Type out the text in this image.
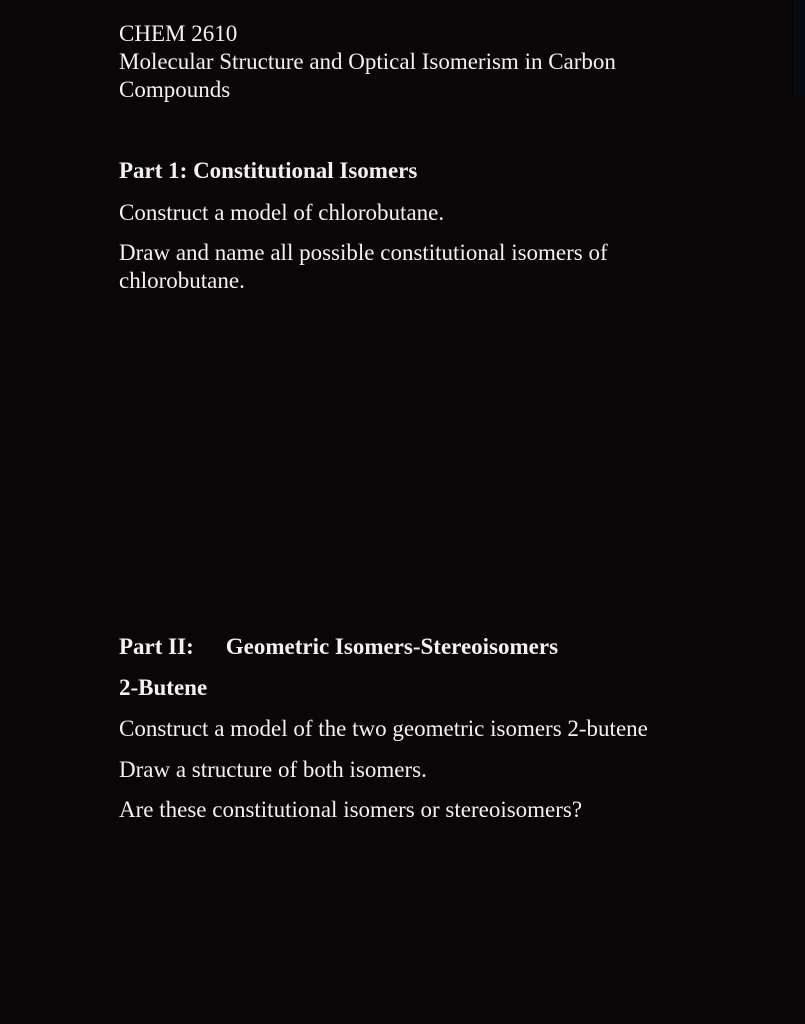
CHEM 2610
Molecular Structure and Optical Isomerism in Carbon
Compounds
Part 1: Constitutional Isomers
Construct a model of chlorobutane.
Draw and name all possible constitutional isomers of
chlorobutane.
Part II: Geometric Isomers-Stereoisomers
2-Butene
Construct a model of the two geometric isomers 2-butene
Draw a structure of both isomers.
Are these constitutional isomers or stereoisomers?
